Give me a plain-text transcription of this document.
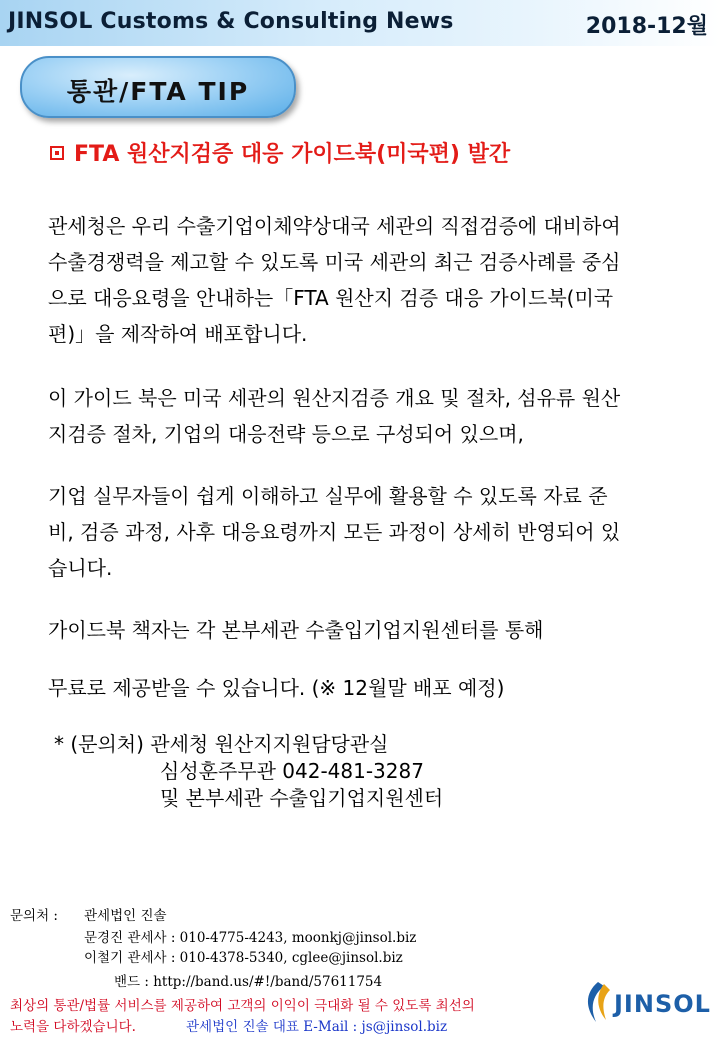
JINSOL Customs & Consulting News	2018-12월
통관/FTA TIP
FTA 원산지검증 대응 가이드북(미국편) 발간
관세청은 우리 수출기업이체약상대국 세관의 직접검증에 대비하여
수출경쟁력을 제고할 수 있도록 미국 세관의 최근 검증사례를 중심
으로 대응요령을 안내하는「FTA 원산지 검증 대응 가이드북(미국
편)」을 제작하여 배포합니다.
이 가이드 북은 미국 세관의 원산지검증 개요 및 절차, 섬유류 원산
지검증 절차, 기업의 대응전략 등으로 구성되어 있으며,
기업 실무자들이 쉽게 이해하고 실무에 활용할 수 있도록 자료 준
비, 검증 과정, 사후 대응요령까지 모든 과정이 상세히 반영되어 있
습니다.
가이드북 책자는 각 본부세관 수출입기업지원센터를 통해
무료로 제공받을 수 있습니다. (※ 12월말 배포 예정)
* (문의처) 관세청 원산지지원담당관실
심성훈주무관 042-481-3287
및 본부세관 수출입기업지원센터
문의처 : 관세법인 진솔
문경진 관세사 : 010-4775-4243, moonkj@jinsol.biz
이철기 관세사 : 010-4378-5340, cglee@jinsol.biz
밴드 : http://band.us/#!/band/57611754
최상의 통관/법률 서비스를 제공하여 고객의 이익이 극대화 될 수 있도록 최선의
노력을 다하겠습니다.	관세법인 진솔 대표 E-Mail : js@jinsol.biz
JINSOL
